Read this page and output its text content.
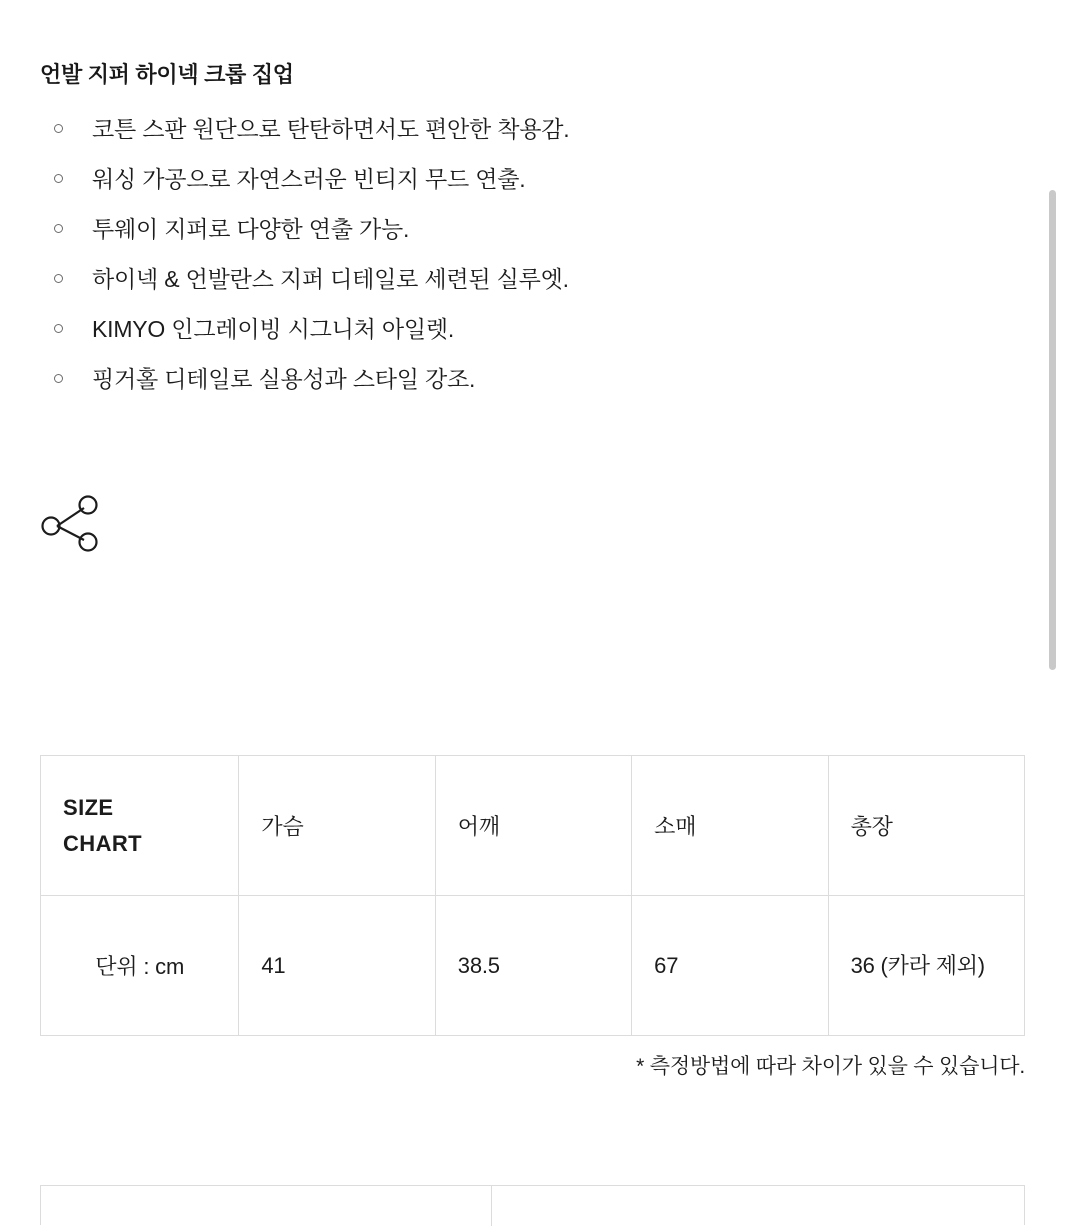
언발 지퍼 하이넥 크롭 집업
코튼 스판 원단으로 탄탄하면서도 편안한 착용감.
워싱 가공으로 자연스러운 빈티지 무드 연출.
투웨이 지퍼로 다양한 연출 가능.
하이넥 & 언발란스 지퍼 디테일로 세련된 실루엣.
KIMYO 인그레이빙 시그니처 아일렛.
핑거홀 디테일로 실용성과 스타일 강조.
SIZE
CHART	가슴	어깨	소매	총장
단위 : cm	41	38.5	67	36 (카라 제외)
* 측정방법에 따라 차이가 있을 수 있습니다.
